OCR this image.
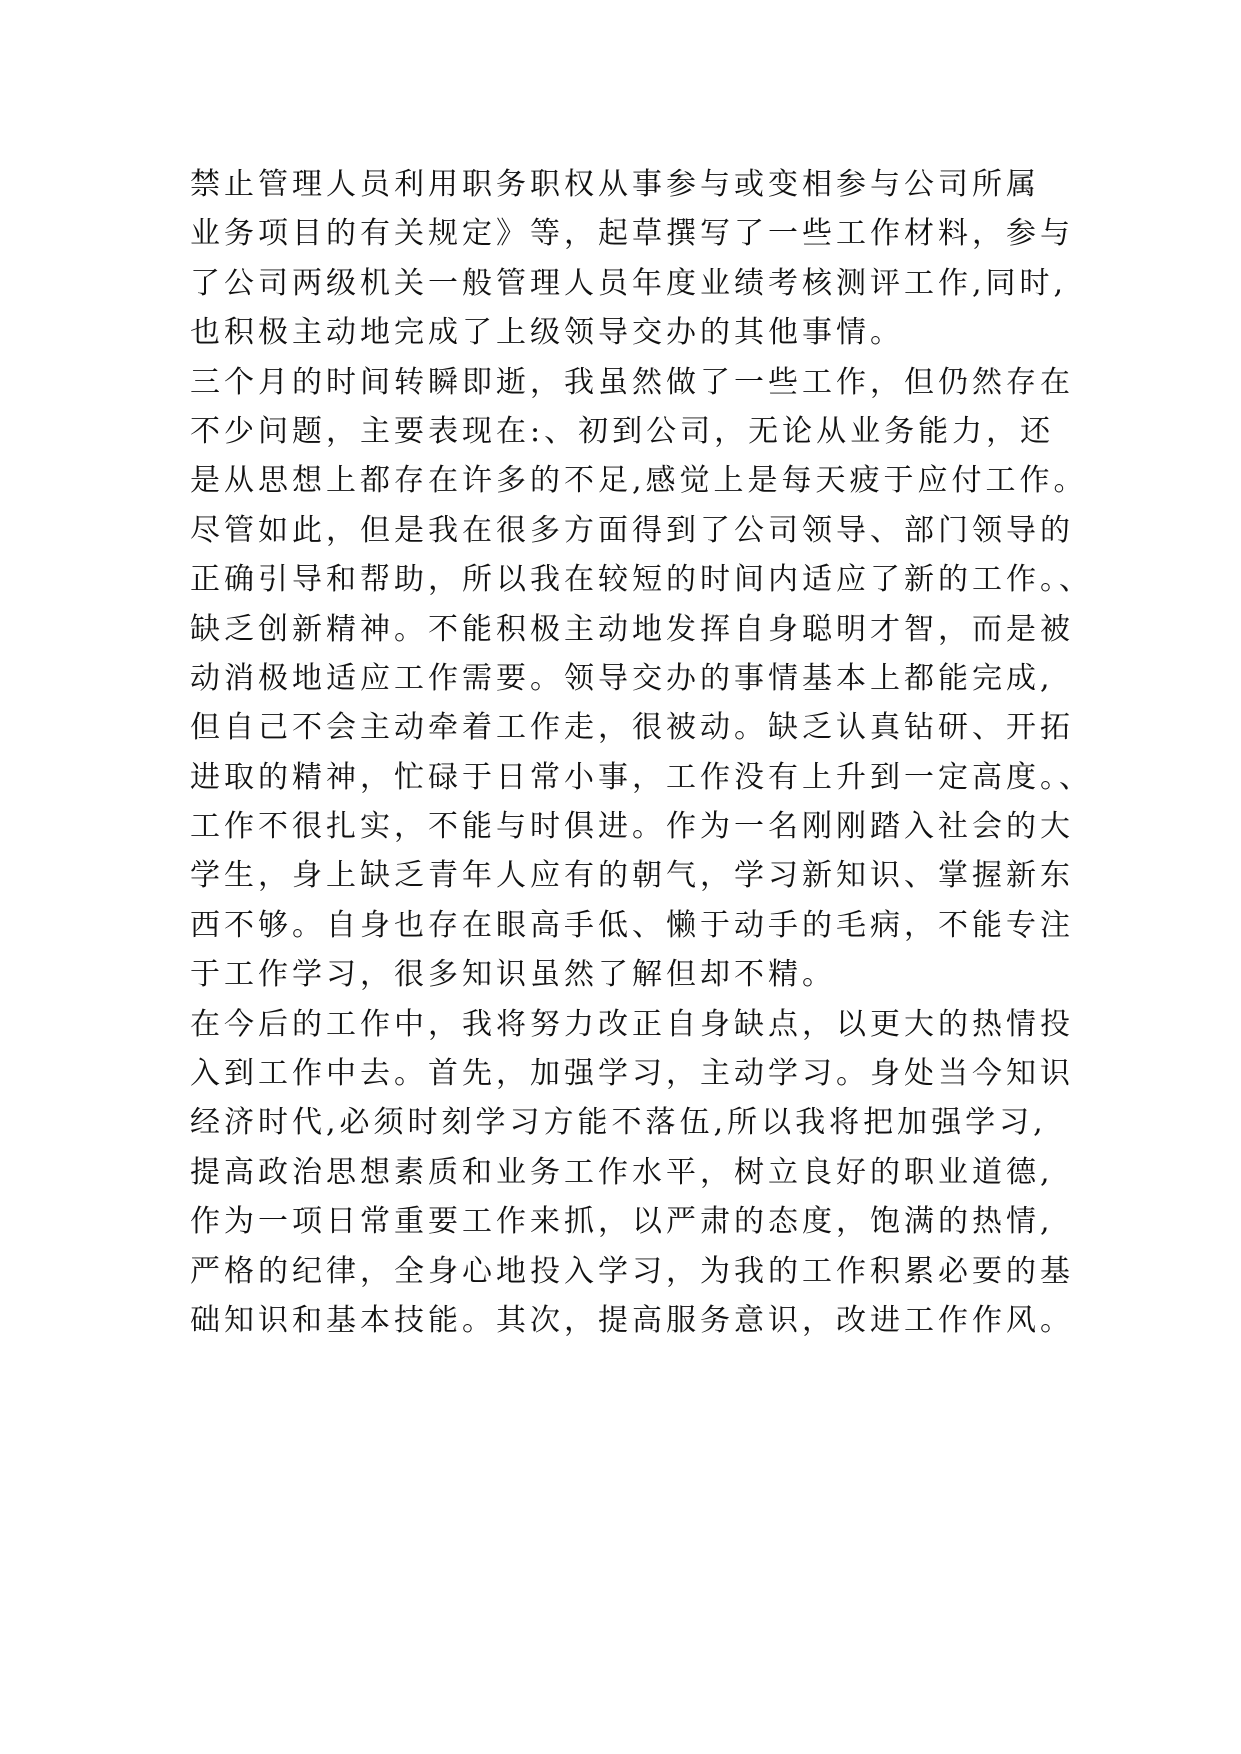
禁止管理人员利用职务职权从事参与或变相参与公司所属
业务项目的有关规定》等，起草撰写了一些工作材料，参与
了公司两级机关一般管理人员年度业绩考核测评工作,同时,
也积极主动地完成了上级领导交办的其他事情。
三个月的时间转瞬即逝，我虽然做了一些工作，但仍然存在
不少问题，主要表现在:、初到公司，无论从业务能力，还
是从思想上都存在许多的不足,感觉上是每天疲于应付工作。
尽管如此，但是我在很多方面得到了公司领导、部门领导的
正确引导和帮助，所以我在较短的时间内适应了新的工作。、
缺乏创新精神。不能积极主动地发挥自身聪明才智，而是被
动消极地适应工作需要。领导交办的事情基本上都能完成,
但自己不会主动牵着工作走，很被动。缺乏认真钻研、开拓
进取的精神，忙碌于日常小事，工作没有上升到一定高度。、
工作不很扎实，不能与时俱进。作为一名刚刚踏入社会的大
学生，身上缺乏青年人应有的朝气，学习新知识、掌握新东
西不够。自身也存在眼高手低、懒于动手的毛病，不能专注
于工作学习，很多知识虽然了解但却不精。
在今后的工作中，我将努力改正自身缺点，以更大的热情投
入到工作中去。首先，加强学习，主动学习。身处当今知识
经济时代,必须时刻学习方能不落伍,所以我将把加强学习,
提高政治思想素质和业务工作水平，树立良好的职业道德,
作为一项日常重要工作来抓，以严肃的态度，饱满的热情,
严格的纪律，全身心地投入学习，为我的工作积累必要的基
础知识和基本技能。其次，提高服务意识，改进工作作风。
